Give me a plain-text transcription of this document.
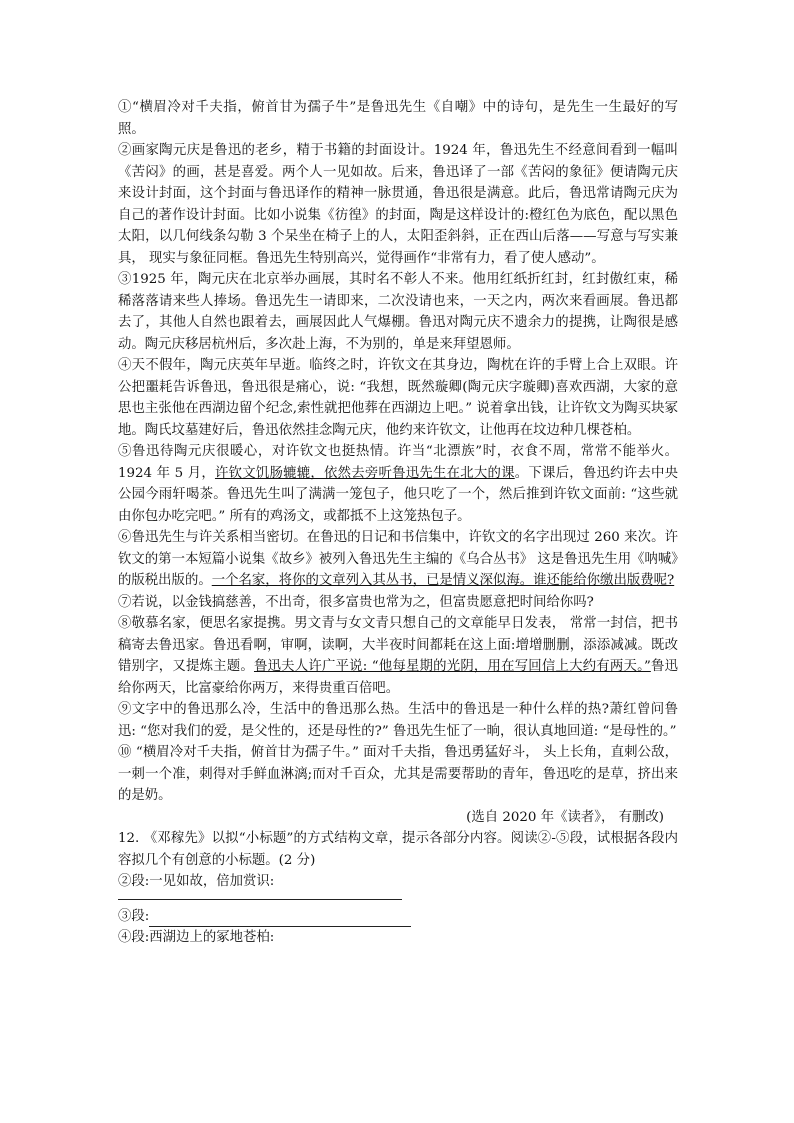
①“横眉冷对千夫指，俯首甘为孺子牛”是鲁迅先生《自嘲》中的诗句，是先生一生最好的写照。

②画家陶元庆是鲁迅的老乡，精于书籍的封面设计。1924 年，鲁迅先生不经意间看到一幅叫《苦闷》的画，甚是喜爱。两个人一见如故。后来，鲁迅译了一部《苦闷的象征》便请陶元庆来设计封面，这个封面与鲁迅译作的精神一脉贯通，鲁迅很是满意。此后，鲁迅常请陶元庆为自己的著作设计封面。比如小说集《彷徨》的封面，陶是这样设计的:橙红色为底色，配以黑色太阳，以几何线条勾勒 3 个呆坐在椅子上的人，太阳歪斜斜，正在西山后落——写意与写实兼具， 现实与象征同框。鲁迅先生特别高兴，觉得画作“非常有力，看了使人感动”。

③1925 年，陶元庆在北京举办画展，其时名不彰人不来。他用红纸折红封，红封傲红束，稀稀落落请来些人捧场。鲁迅先生一请即来，二次没请也来，一天之内，两次来看画展。鲁迅都去了，其他人自然也跟着去，画展因此人气爆棚。鲁迅对陶元庆不遗余力的提携，让陶很是感动。陶元庆移居杭州后，多次赴上海，不为别的，单是来拜望恩师。

④天不假年，陶元庆英年早逝。临终之时，许钦文在其身边，陶枕在许的手臂上合上双眼。许公把噩耗告诉鲁迅，鲁迅很是痛心，说: “我想，既然璇卿(陶元庆字璇卿)喜欢西湖，大家的意思也主张他在西湖边留个纪念,索性就把他葬在西湖边上吧。” 说着拿出钱，让许钦文为陶买块冢地。陶氏坟墓建好后，鲁迅依然挂念陶元庆，他约来许钦文，让他再在坟边种几棵苍柏。

⑤鲁迅待陶元庆很暖心，对许钦文也挺热情。许当“北漂族”时，衣食不周，常常不能举火。1924 年 5 月，许钦文饥肠辘辘，依然去旁听鲁迅先生在北大的课。下课后，鲁迅约许去中央公园今雨轩喝茶。鲁迅先生叫了满满一笼包子，他只吃了一个，然后推到许钦文面前: “这些就由你包办吃完吧。” 所有的鸡汤文，或都抵不上这笼热包子。

⑥鲁迅先生与许关系相当密切。在鲁迅的日记和书信集中，许钦文的名字出现过 260 来次。许钦文的第一本短篇小说集《故乡》被列入鲁迅先生主编的《乌合丛书》 这是鲁迅先生用《呐喊》的版税出版的。一个名家，将你的文章列入其丛书，已是情义深似海。谁还能给你缴出版费呢?

⑦若说，以金钱搞慈善，不出奇，很多富贵也常为之，但富贵愿意把时间给你吗?

⑧敬慕名家，便思名家提携。男文青与女文青只想自己的文章能早日发表， 常常一封信，把书稿寄去鲁迅家。鲁迅看啊，审啊，读啊，大半夜时间都耗在这上面:增增删删，添添减减。既改错别字，又提炼主题。鲁迅夫人许广平说: “他每星期的光阴，用在写回信上大约有两天。”鲁迅给你两天，比富豪给你两万，来得贵重百倍吧。

⑨文字中的鲁迅那么冷，生活中的鲁迅那么热。生活中的鲁迅是一种什么样的热?萧红曾问鲁迅: “您对我们的爱，是父性的，还是母性的?” 鲁迅先生怔了一晌，很认真地回道: “是母性的。”

⑩ “横眉冷对千夫指，俯首甘为孺子牛。” 面对千夫指，鲁迅勇猛好斗， 头上长角，直刺公敌，一刺一个准，刺得对手鲜血淋漓;而对千百众，尤其是需要帮助的青年，鲁迅吃的是草，挤出来的是奶。

(选自 2020 年《读者》， 有删改)

12. 《邓稼先》以拟“小标题”的方式结构文章，提示各部分内容。阅读②-⑤段，试根据各段内容拟几个有创意的小标题。(2 分)

②段:一见如故，倍加赏识:

③段:

④段:西湖边上的冢地苍柏:
